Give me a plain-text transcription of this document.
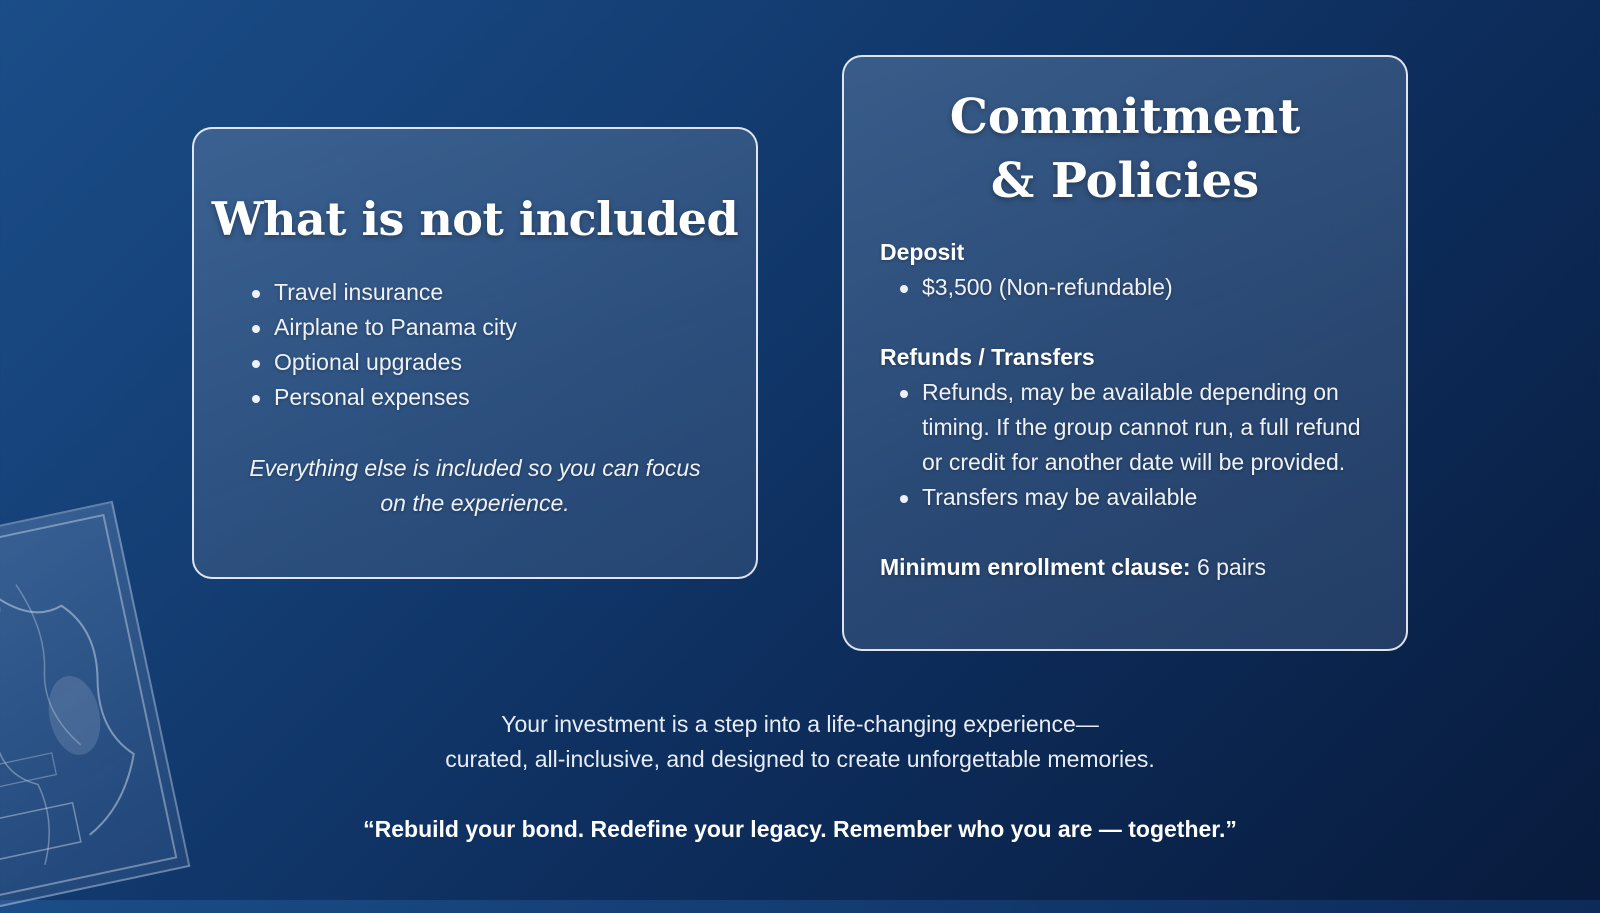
What is not included
Travel insurance
Airplane to Panama city
Optional upgrades
Personal expenses
Everything else is included so you can focus on the experience.
Commitment
& Policies

Deposit

$3,500 (Non-refundable)

Refunds / Transfers

Refunds, may be available depending on timing. If the group cannot run, a full refund or credit for another date will be provided.
Transfers may be available
Minimum enrollment clause: 6 pairs
Your investment is a step into a life-changing experience—
curated, all-inclusive, and designed to create unforgettable memories.
“Rebuild your bond. Redefine your legacy. Remember who you are — together.”
